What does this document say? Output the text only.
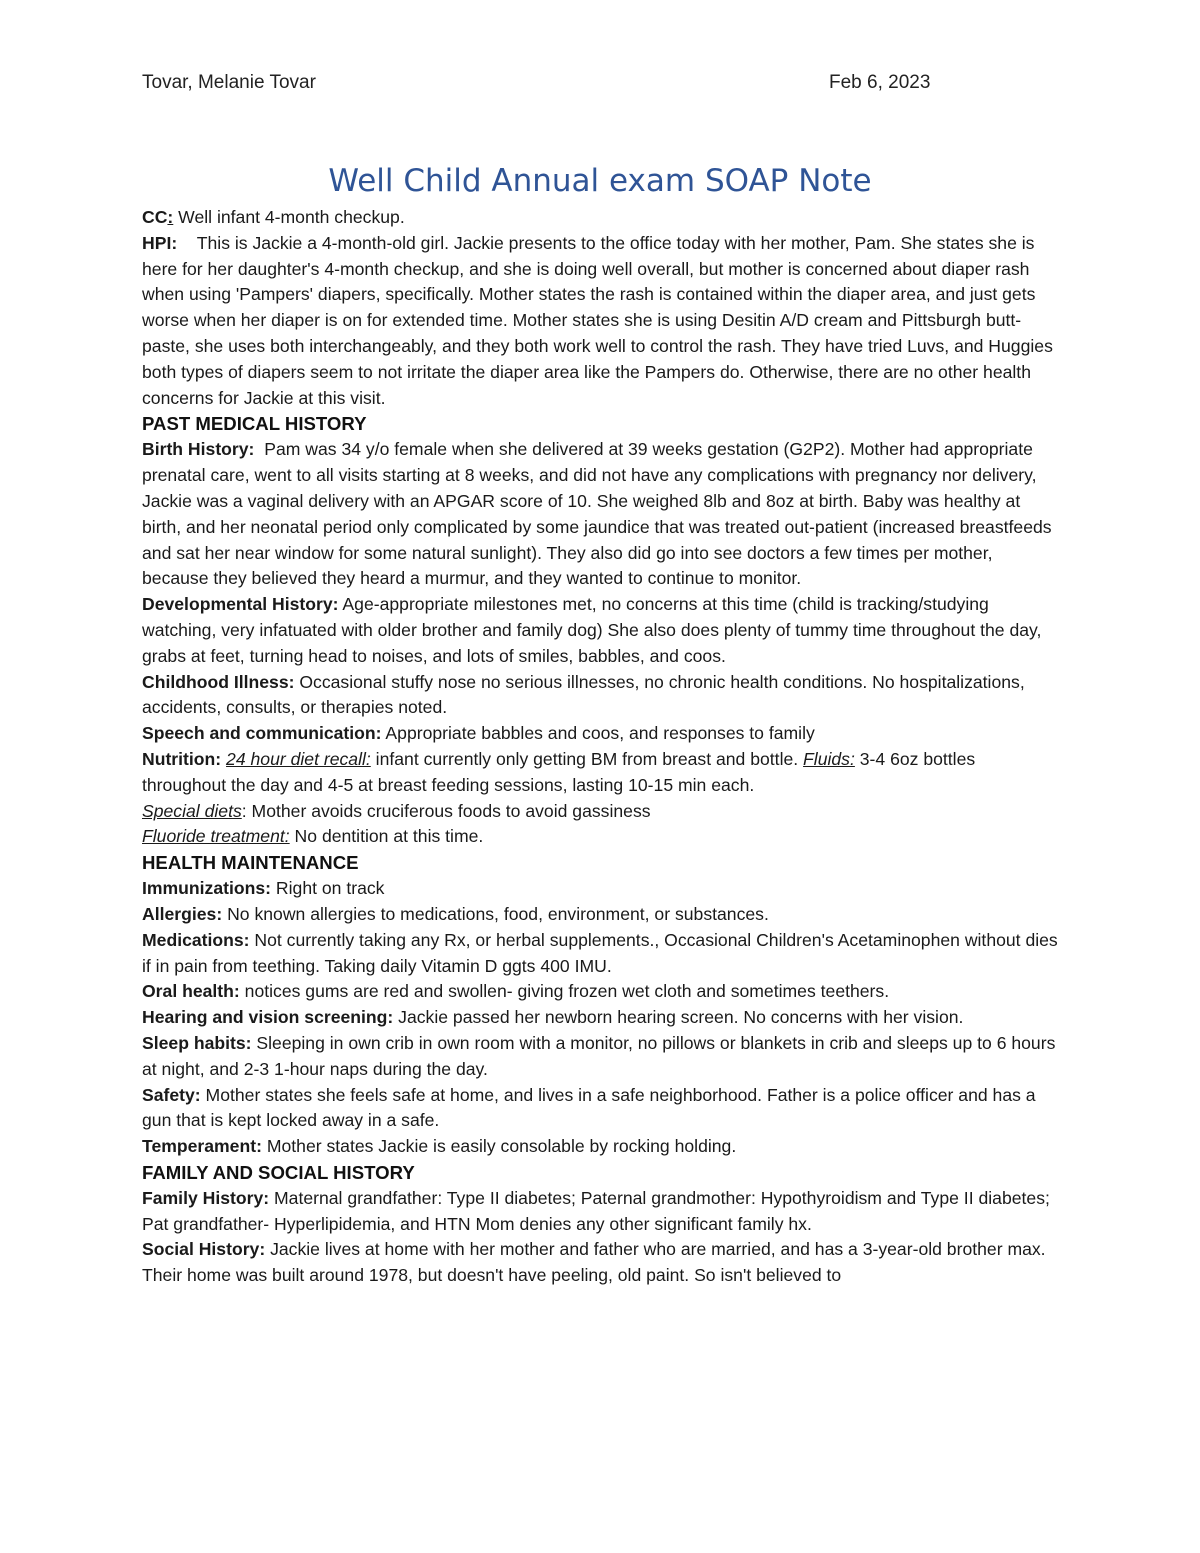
Tovar, Melanie Tovar	Feb 6, 2023
Well Child Annual exam SOAP Note

CC: Well infant 4-month checkup.

HPI: This is Jackie a 4-month-old girl. Jackie presents to the office today with her mother, Pam. She states she is here for her daughter's 4-month checkup, and she is doing well overall, but mother is concerned about diaper rash when using 'Pampers' diapers, specifically. Mother states the rash is contained within the diaper area, and just gets worse when her diaper is on for extended time. Mother states she is using Desitin A/D cream and Pittsburgh butt-paste, she uses both interchangeably, and they both work well to control the rash. They have tried Luvs, and Huggies both types of diapers seem to not irritate the diaper area like the Pampers do. Otherwise, there are no other health concerns for Jackie at this visit.

PAST MEDICAL HISTORY

Birth History: Pam was 34 y/o female when she delivered at 39 weeks gestation (G2P2). Mother had appropriate prenatal care, went to all visits starting at 8 weeks, and did not have any complications with pregnancy nor delivery, Jackie was a vaginal delivery with an APGAR score of 10. She weighed 8lb and 8oz at birth. Baby was healthy at birth, and her neonatal period only complicated by some jaundice that was treated out-patient (increased breastfeeds and sat her near window for some natural sunlight). They also did go into see doctors a few times per mother, because they believed they heard a murmur, and they wanted to continue to monitor.

Developmental History: Age-appropriate milestones met, no concerns at this time (child is tracking/studying watching, very infatuated with older brother and family dog) She also does plenty of tummy time throughout the day, grabs at feet, turning head to noises, and lots of smiles, babbles, and coos.

Childhood Illness: Occasional stuffy nose no serious illnesses, no chronic health conditions. No hospitalizations, accidents, consults, or therapies noted.

Speech and communication: Appropriate babbles and coos, and responses to family

Nutrition: 24 hour diet recall: infant currently only getting BM from breast and bottle. Fluids: 3-4 6oz bottles throughout the day and 4-5 at breast feeding sessions, lasting 10-15 min each.

Special diets: Mother avoids cruciferous foods to avoid gassiness

Fluoride treatment: No dentition at this time.

HEALTH MAINTENANCE

Immunizations: Right on track

Allergies: No known allergies to medications, food, environment, or substances.

Medications: Not currently taking any Rx, or herbal supplements., Occasional Children's Acetaminophen without dies if in pain from teething. Taking daily Vitamin D ggts 400 IMU.

Oral health: notices gums are red and swollen- giving frozen wet cloth and sometimes teethers.

Hearing and vision screening: Jackie passed her newborn hearing screen. No concerns with her vision.

Sleep habits: Sleeping in own crib in own room with a monitor, no pillows or blankets in crib and sleeps up to 6 hours at night, and 2-3 1-hour naps during the day.

Safety: Mother states she feels safe at home, and lives in a safe neighborhood. Father is a police officer and has a gun that is kept locked away in a safe.

Temperament: Mother states Jackie is easily consolable by rocking holding.

FAMILY AND SOCIAL HISTORY

Family History: Maternal grandfather: Type II diabetes; Paternal grandmother: Hypothyroidism and Type II diabetes; Pat grandfather- Hyperlipidemia, and HTN Mom denies any other significant family hx.

Social History: Jackie lives at home with her mother and father who are married, and has a 3-year-old brother max. Their home was built around 1978, but doesn't have peeling, old paint. So isn't believed to
